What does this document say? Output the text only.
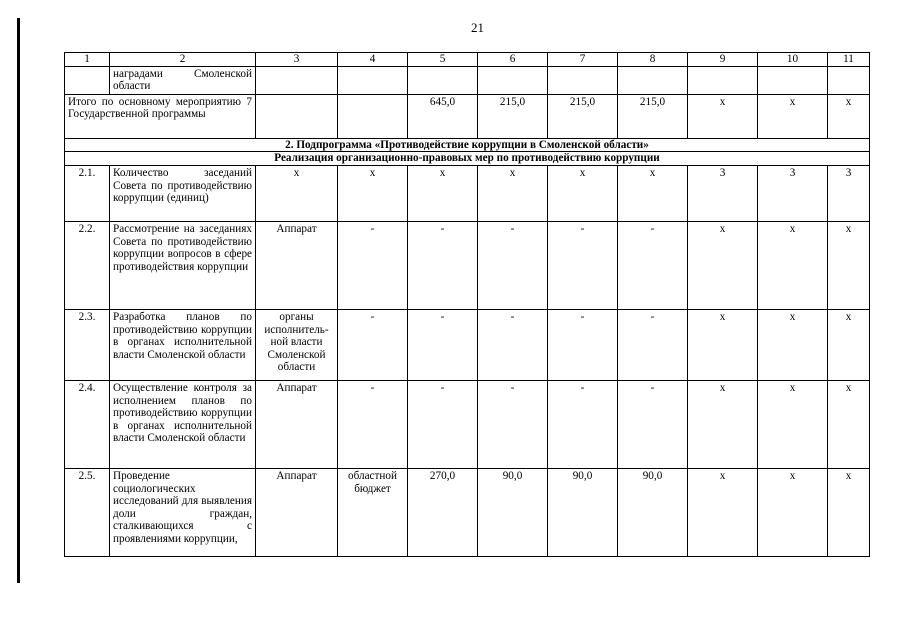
21
1	2	3	4	5	6	7	8	9	10	11
	наградами Смоленской области									
Итого по основному мероприятию 7 Государственной программы				645,0	215,0	215,0	215,0	х	х	х
2. Подпрограмма «Противодействие коррупции в Смоленской области»										
Реализация организационно-правовых мер по противодействию коррупции										
2.1.	Количество заседаний Совета по противодействию коррупции (единиц)	х	х	х	х	х	х	3	3	3
2.2.	Рассмотрение на заседаниях Совета по противодействию коррупции вопросов в сфере противодействия коррупции	Аппарат	-	-	-	-	-	х	х	х
2.3.	Разработка планов по противодействию коррупции в органах исполнительной власти Смоленской области	органы исполнитель-ной власти Смоленской области	-	-	-	-	-	х	х	х
2.4.	Осуществление контроля за исполнением планов по противодействию коррупции в органах исполнительной власти Смоленской области	Аппарат	-	-	-	-	-	х	х	х
2.5.	Проведение социологических исследований для выявления доли граждан, сталкивающихся с проявлениями коррупции,	Аппарат	областной бюджет	270,0	90,0	90,0	90,0	х	х	х
